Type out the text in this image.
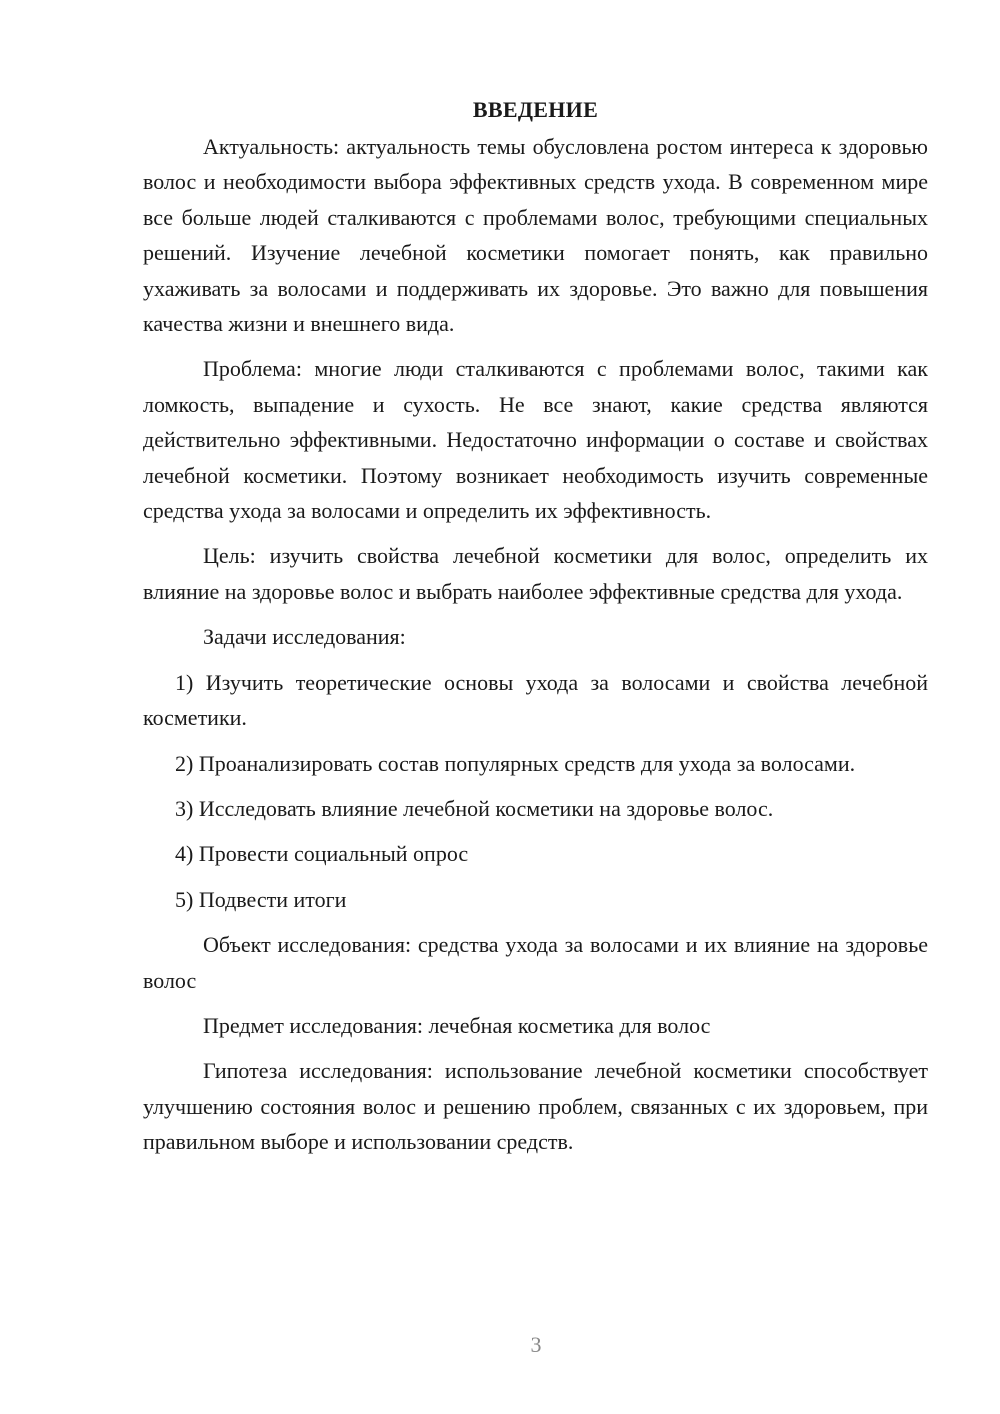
ВВЕДЕНИЕ

Актуальность: актуальность темы обусловлена ростом интереса к здоровью волос и необходимости выбора эффективных средств ухода. В современном мире все больше людей сталкиваются с проблемами волос, требующими специальных решений. Изучение лечебной косметики помогает понять, как правильно ухаживать за волосами и поддерживать их здоровье. Это важно для повышения качества жизни и внешнего вида.

Проблема: многие люди сталкиваются с проблемами волос, такими как ломкость, выпадение и сухость. Не все знают, какие средства являются действительно эффективными. Недостаточно информации о составе и свойствах лечебной косметики. Поэтому возникает необходимость изучить современные средства ухода за волосами и определить их эффективность.

Цель: изучить свойства лечебной косметики для волос, определить их влияние на здоровье волос и выбрать наиболее эффективные средства для ухода.

Задачи исследования:

1) Изучить теоретические основы ухода за волосами и свойства лечебной косметики.

2) Проанализировать состав популярных средств для ухода за волосами.

3) Исследовать влияние лечебной косметики на здоровье волос.

4) Провести социальный опрос

5) Подвести итоги

Объект исследования: средства ухода за волосами и их влияние на здоровье волос

Предмет исследования: лечебная косметика для волос

Гипотеза исследования: использование лечебной косметики способствует улучшению состояния волос и решению проблем, связанных с их здоровьем, при правильном выборе и использовании средств.

3
